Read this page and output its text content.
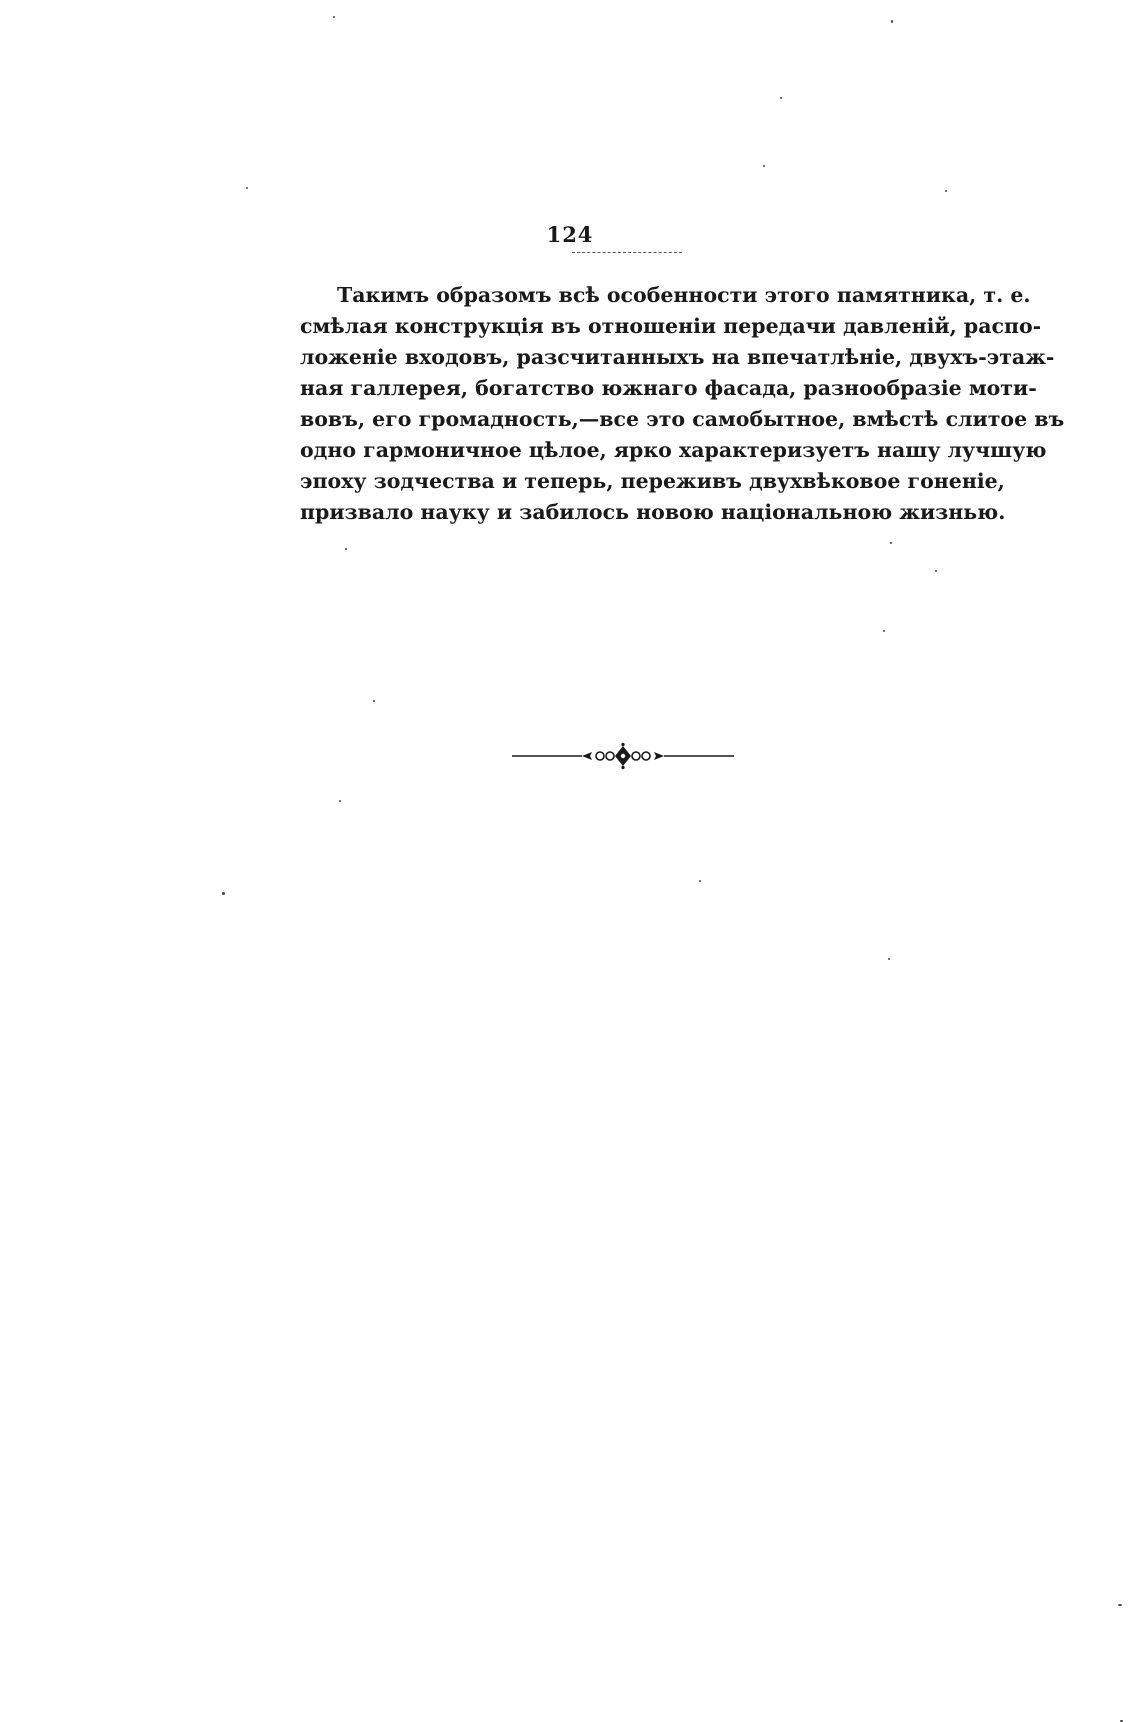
124
Такимъ образомъ всѣ особенности этого памятника, т. е.
смѣлая конструкція въ отношеніи передачи давленій, распо-
ложеніе входовъ, разсчитанныхъ на впечатлѣніе, двухъ-этаж-
ная галлерея, богатство южнаго фасада, разнообразіе моти-
вовъ, его громадность,—все это самобытное, вмѣстѣ слитое въ
одно гармоничное цѣлое, ярко характеризуетъ нашу лучшую
эпоху зодчества и теперь, переживъ двухвѣковое гоненіе,
призвало науку и забилось новою національною жизнью.
